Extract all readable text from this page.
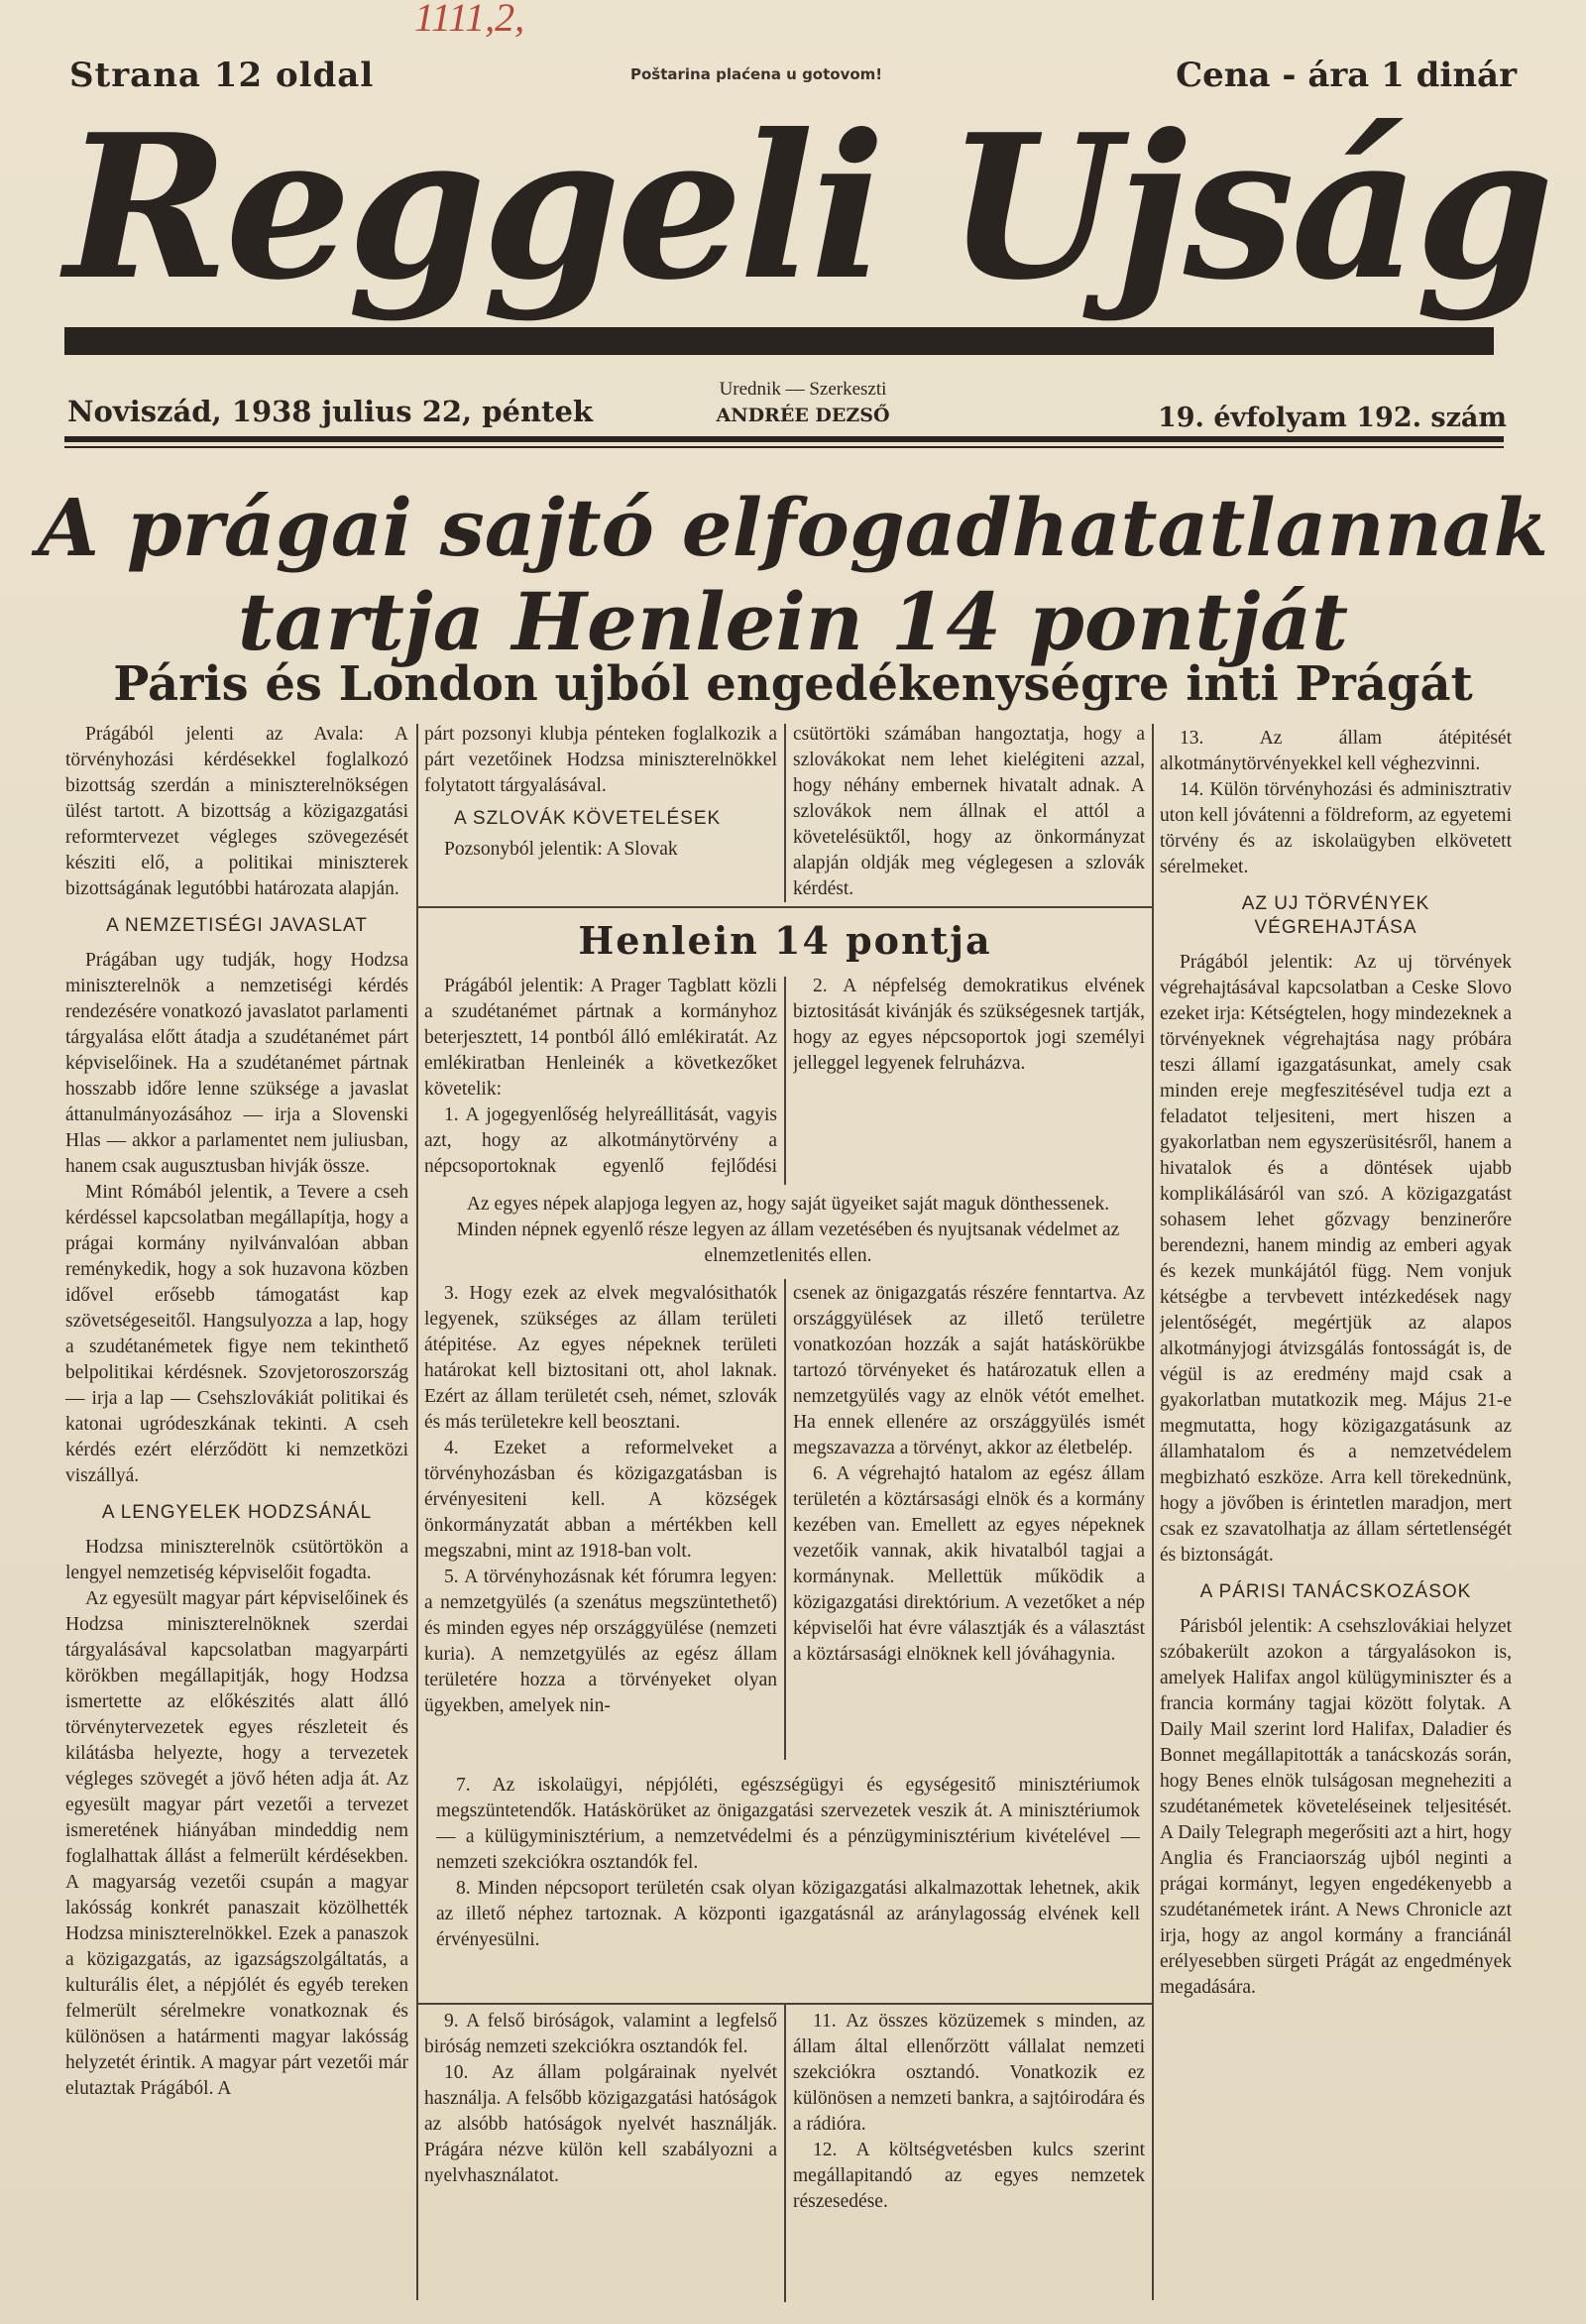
1111,2,
Strana 12 oldal	Poštarina plaćena u gotovom!	Cena - ára 1 dinár
Reggeli Ujság
Noviszád, 1938 julius 22, péntek
Urednik — Szerkeszti
ANDRÉE DEZSŐ	19. évfolyam 192. szám
A prágai sajtó elfogadhatatlannak
tartja Henlein 14 pontját
Páris és London ujból engedékenységre inti Prágát

Prágából jelenti az Avala: A törvényhozási kérdésekkel foglalkozó bizottság szerdán a miniszterelnökségen ülést tartott. A bizottság a közigazgatási reformtervezet végleges szövegezését késziti elő, a politikai miniszterek bizottságának legutóbbi határozata alapján.

A NEMZETISÉGI JAVASLAT

Prágában ugy tudják, hogy Hodzsa miniszterelnök a nemzetiségi kérdés rendezésére vonatkozó javaslatot parlamenti tárgyalása előtt átadja a szudétanémet párt képviselőinek. Ha a szudétanémet pártnak hosszabb időre lenne szüksége a javaslat áttanulmányozásához — irja a Slovenski Hlas — akkor a parlamentet nem juliusban, hanem csak augusztusban hivják össze.

Mint Rómából jelentik, a Tevere a cseh kérdéssel kapcsolatban megállapítja, hogy a prágai kormány nyilvánvalóan abban reménykedik, hogy a sok huzavona közben idővel erősebb támogatást kap szövetségeseitől. Hangsulyozza a lap, hogy a szudétanémetek figye nem tekinthető belpolitikai kérdésnek. Szovjetoroszország — irja a lap — Csehszlovákiát politikai és katonai ugródeszkának tekinti. A cseh kérdés ezért elérződött ki nemzetközi viszállyá.

A LENGYELEK HODZSÁNÁL

Hodzsa miniszterelnök csütörtökön a lengyel nemzetiség képviselőit fogadta.

Az egyesült magyar párt képviselőinek és Hodzsa miniszterelnöknek szerdai tárgyalásával kapcsolatban magyarpárti körökben megállapitják, hogy Hodzsa ismertette az előkészités alatt álló törvénytervezetek egyes részleteit és kilátásba helyezte, hogy a tervezetek végleges szövegét a jövő héten adja át. Az egyesült magyar párt vezetői a tervezet ismeretének hiányában mindeddig nem foglalhattak állást a felmerült kérdésekben. A magyarság vezetői csupán a magyar lakósság konkrét panaszait közölhették Hodzsa miniszterelnökkel. Ezek a panaszok a közigazgatás, az igazságszolgáltatás, a kulturális élet, a népjólét és egyéb tereken felmerült sérelmekre vonatkoznak és különösen a határmenti magyar lakósság helyzetét érintik. A magyar párt vezetői már elutaztak Prágából. A

párt pozsonyi klubja pénteken foglalkozik a párt vezetőinek Hodzsa miniszterelnökkel folytatott tárgyalásával.

A SZLOVÁK KÖVETELÉSEK

Pozsonyból jelentik: A Slovak

csütörtöki számában hangoztatja, hogy a szlovákokat nem lehet kielégiteni azzal, hogy néhány embernek hivatalt adnak. A szlovákok nem állnak el attól a követelésüktől, hogy az önkormányzat alapján oldják meg véglegesen a szlovák kérdést.

Henlein 14 pontja

Prágából jelentik: A Prager Tagblatt közli a szudétanémet pártnak a kormányhoz beterjesztett, 14 pontból álló emlékiratát. Az emlékiratban Henleinék a következőket követelik:

1. A jogegyenlőség helyreállitását, vagyis azt, hogy az alkotmánytörvény a népcsoportoknak egyenlő fejlődési

2. A népfelség demokratikus elvének biztositását kivánják és szükségesnek tartják, hogy az egyes népcsoportok jogi személyi jelleggel legyenek felruházva.

Az egyes népek alapjoga legyen az, hogy saját ügyeiket saját maguk dönthessenek. Minden népnek egyenlő része legyen az állam vezetésében és nyujtsanak védelmet az elnemzetlenités ellen.

3. Hogy ezek az elvek megvalósithatók legyenek, szükséges az állam területi átépitése. Az egyes népeknek területi határokat kell biztositani ott, ahol laknak. Ezért az állam területét cseh, német, szlovák és más területekre kell beosztani.

4. Ezeket a reformelveket a törvényhozásban és közigazgatásban is érvényesiteni kell. A községek önkormányzatát abban a mértékben kell megszabni, mint az 1918-ban volt.

5. A törvényhozásnak két fórumra legyen: a nemzetgyülés (a szenátus megszüntethető) és minden egyes nép országgyülése (nemzeti kuria). A nemzetgyülés az egész állam területére hozza a törvényeket olyan ügyekben, amelyek nin-

csenek az önigazgatás részére fenntartva. Az országgyülések az illető területre vonatkozóan hozzák a saját hatáskörükbe tartozó törvényeket és határozatuk ellen a nemzetgyülés vagy az elnök vétót emelhet. Ha ennek ellenére az országgyülés ismét megszavazza a törvényt, akkor az életbelép.

6. A végrehajtó hatalom az egész állam területén a köztársasági elnök és a kormány kezében van. Emellett az egyes népeknek vezetőik vannak, akik hivatalból tagjai a kormánynak. Mellettük működik a közigazgatási direktórium. A vezetőket a nép képviselői hat évre választják és a választást a köztársasági elnöknek kell jóváhagynia.

7. Az iskolaügyi, népjóléti, egészségügyi és egységesitő minisztériumok megszüntetendők. Hatáskörüket az önigazgatási szervezetek veszik át. A minisztériumok — a külügyminisztérium, a nemzetvédelmi és a pénzügyminisztérium kivételével — nemzeti szekciókra osztandók fel.

8. Minden népcsoport területén csak olyan közigazgatási alkalmazottak lehetnek, akik az illető néphez tartoznak. A központi igazgatásnál az aránylagosság elvének kell érvényesülni.

9. A felső biróságok, valamint a legfelső biróság nemzeti szekciókra osztandók fel.

10. Az állam polgárainak nyelvét használja. A felsőbb közigazgatási hatóságok az alsóbb hatóságok nyelvét használják. Prágára nézve külön kell szabályozni a nyelvhasználatot.

11. Az összes közüzemek s minden, az állam által ellenőrzött vállalat nemzeti szekciókra osztandó. Vonatkozik ez különösen a nemzeti bankra, a sajtóirodára és a rádióra.

12. A költségvetésben kulcs szerint megállapitandó az egyes nemzetek részesedése.

13. Az állam átépitését alkotmánytörvényekkel kell véghezvinni.

14. Külön törvényhozási és adminisztrativ uton kell jóvátenni a földreform, az egyetemi törvény és az iskolaügyben elkövetett sérelmeket.

AZ UJ TÖRVÉNYEK VÉGREHAJTÁSA

Prágából jelentik: Az uj törvények végrehajtásával kapcsolatban a Ceske Slovo ezeket irja: Kétségtelen, hogy mindezeknek a törvényeknek végrehajtása nagy próbára teszi államí igazgatásunkat, amely csak minden ereje megfeszitésével tudja ezt a feladatot teljesiteni, mert hiszen a gyakorlatban nem egyszerüsitésről, hanem a hivatalok és a döntések ujabb komplikálásáról van szó. A közigazgatást sohasem lehet gőzvagy benzinerőre berendezni, hanem mindig az emberi agyak és kezek munkájától függ. Nem vonjuk kétségbe a tervbevett intézkedések nagy jelentőségét, megértjük az alapos alkotmányjogi átvizsgálás fontosságát is, de végül is az eredmény majd csak a gyakorlatban mutatkozik meg. Május 21-e megmutatta, hogy közigazgatásunk az államhatalom és a nemzetvédelem megbizható eszköze. Arra kell törekednünk, hogy a jövőben is érintetlen maradjon, mert csak ez szavatolhatja az állam sértetlenségét és biztonságát.

A PÁRISI TANÁCSKOZÁSOK

Párisból jelentik: A csehszlovákiai helyzet szóbakerült azokon a tárgyalásokon is, amelyek Halifax angol külügyminiszter és a francia kormány tagjai között folytak. A Daily Mail szerint lord Halifax, Daladier és Bonnet megállapitották a tanácskozás során, hogy Benes elnök tulságosan megneheziti a szudétanémetek követeléseinek teljesitését. A Daily Telegraph megerősiti azt a hirt, hogy Anglia és Franciaország ujból neginti a prágai kormányt, legyen engedékenyebb a szudétanémetek iránt. A News Chronicle azt irja, hogy az angol kormány a franciánál erélyesebben sürgeti Prágát az engedmények megadására.
